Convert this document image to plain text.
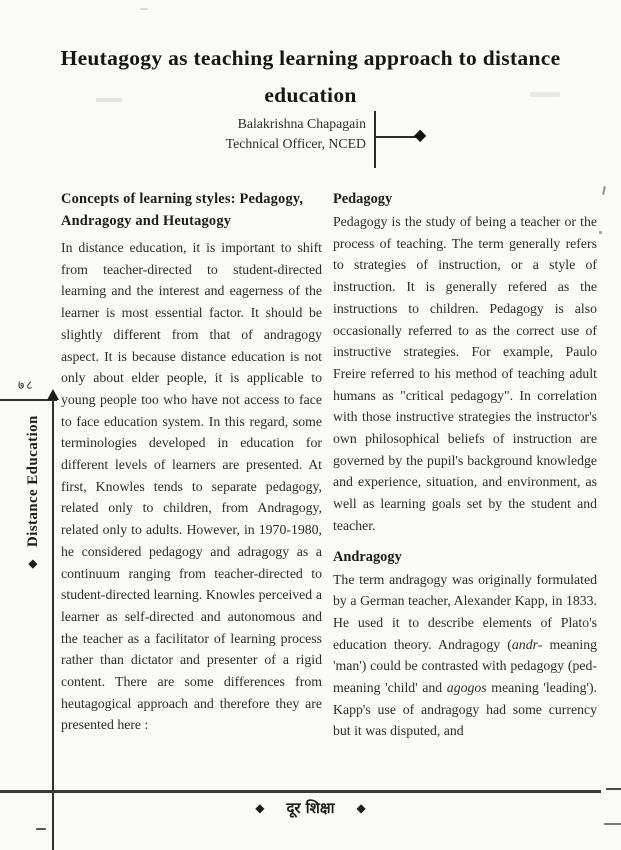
Heutagogy as teaching learning approach to distance
education
Balakrishna Chapagain
Technical Officer, NCED	◆
Concepts of learning styles: Pedagogy,
Andragogy and Heutagogy

In distance education, it is important to shift from teacher-directed to student-directed learning and the interest and eagerness of the learner is most essential factor. It should be slightly different from that of andragogy aspect. It is because distance education is not only about elder people, it is applicable to young people too who have not access to face to face education system. In this regard, some terminologies developed in education for different levels of learners are presented. At first, Knowles tends to separate pedagogy, related only to children, from Andragogy, related only to adults. However, in 1970-1980, he considered pedagogy and adragogy as a continuum ranging from teacher-directed to student-directed learning. Knowles perceived a learner as self-directed and autonomous and the teacher as a facilitator of learning process rather than dictator and presenter of a rigid content. There are some differences from heutagogical approach and therefore they are presented here :

Pedagogy

Pedagogy is the study of being a teacher or the process of teaching. The term generally refers to strategies of instruction, or a style of instruction. It is generally refered as the instructions to children. Pedagogy is also occasionally referred to as the correct use of instructive strategies. For example, Paulo Freire referred to his method of teaching adult humans as "critical pedagogy". In correlation with those instructive strategies the instructor's own philosophical beliefs of instruction are governed by the pupil's background knowledge and experience, situation, and environment, as well as learning goals set by the student and teacher.

Andragogy

The term andragogy was originally formulated by a German teacher, Alexander Kapp, in 1833. He used it to describe elements of Plato's education theory. Andragogy (andr- meaning 'man') could be contrasted with pedagogy (ped- meaning 'child' and agogos meaning 'leading'). Kapp's use of andragogy had some currency but it was disputed, and

७८
◆Distance Education
◆ दूर शिक्षा ◆
